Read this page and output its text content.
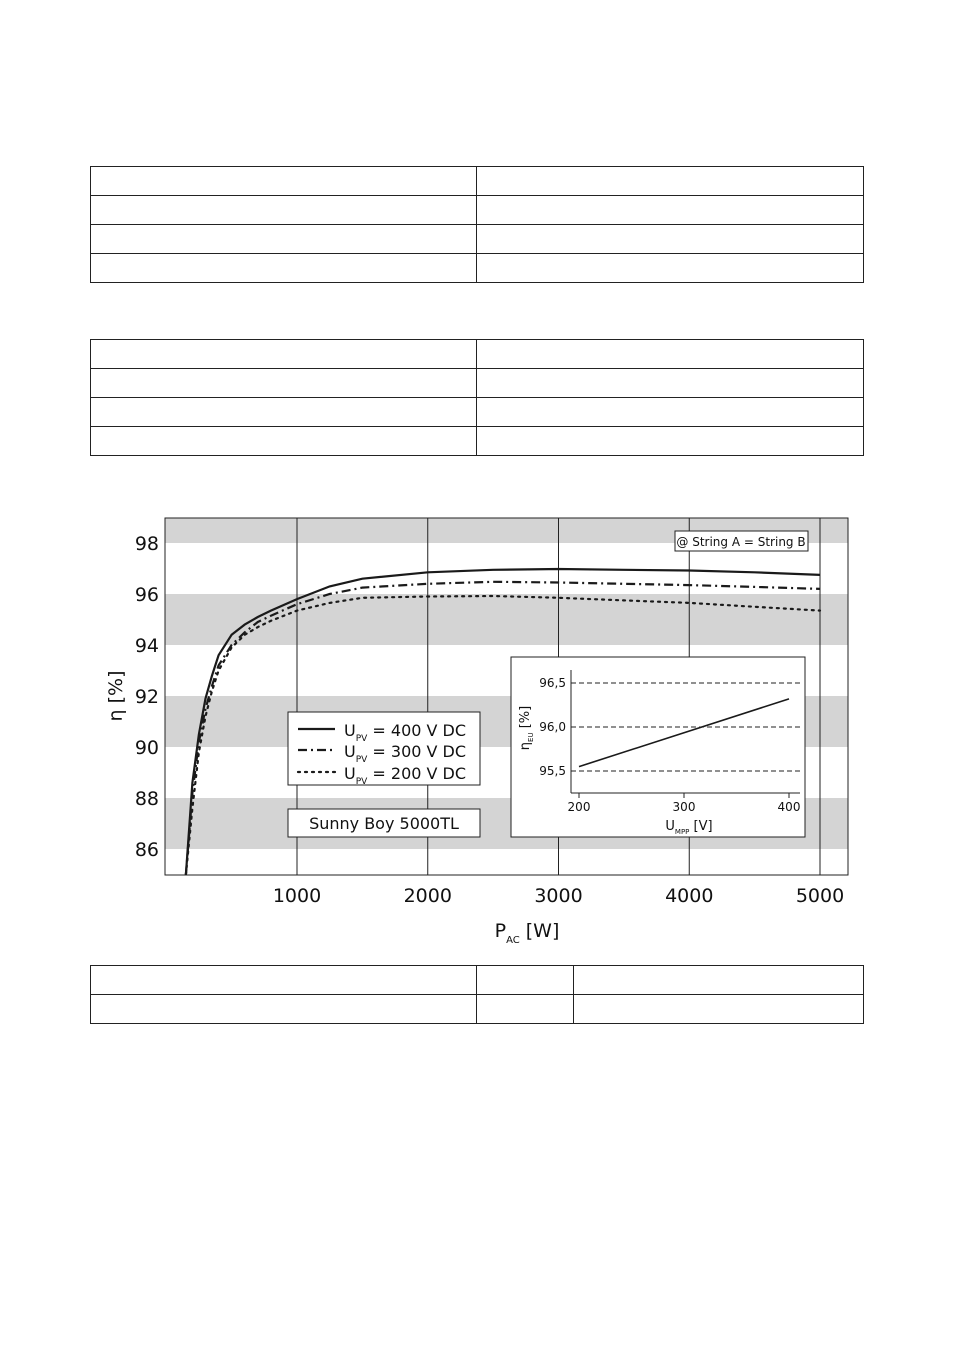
1000	2000	3000	4000	5000
86
88
90
92
94
96
98
$P_{AC}$ [W]
η [%]
@ String A = String B
$U_{PV} = 400$ V DC
$U_{PV} = 300$ V DC
$U_{PV} = 200$ V DC
Sunny Boy 5000TL
95,5
96,0
96,5
200	300	400
$U_{MPP}$ [V]
$\eta_{EU}$ [%]
